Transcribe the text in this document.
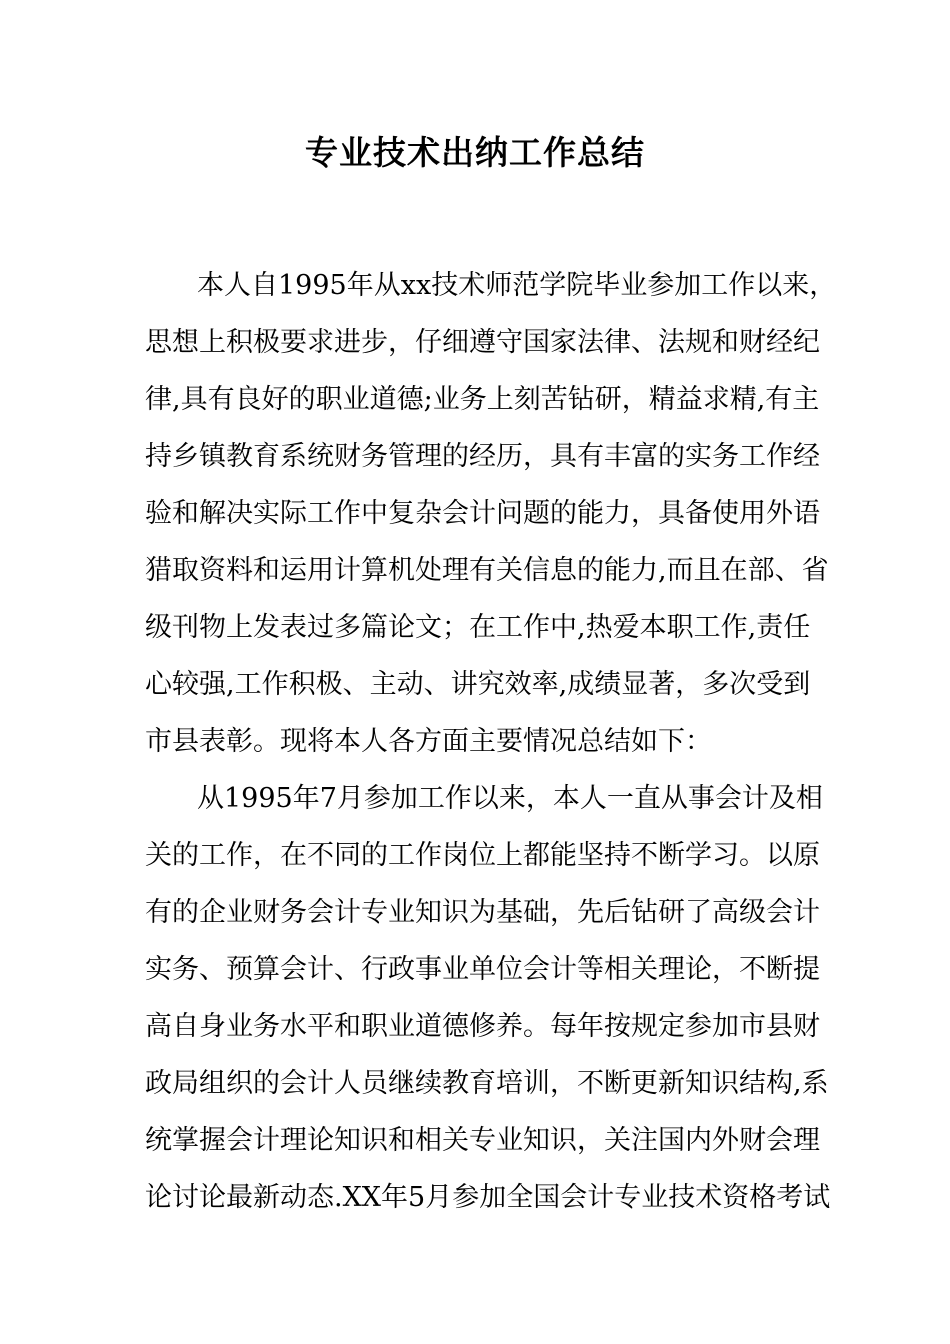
专业技术出纳工作总结
本 人 自 1995 年 从 xx 技 术 师 范 学 院 毕 业 参 加 工 作 以 来 ，
思 想 上 积 极 要 求 进 步 ， 仔 细 遵 守 国 家 法 律 、 法 规 和 财 经 纪
律 , 具 有 良 好 的 职 业 道 德 ; 业 务 上 刻 苦 钻 研 ， 精 益 求 精 , 有 主
持 乡 镇 教 育 系 统 财 务 管 理 的 经 历 ， 具 有 丰 富 的 实 务 工 作 经
验 和 解 决 实 际 工 作 中 复 杂 会 计 问 题 的 能 力 ， 具 备 使 用 外 语
猎 取 资 料 和 运 用 计 算 机 处 理 有 关 信 息 的 能 力 , 而 且 在 部 、 省
级 刊 物 上 发 表 过 多 篇 论 文 ； 在 工 作 中 , 热 爱 本 职 工 作 , 责 任
心 较 强 , 工 作 积 极 、 主 动 、 讲 究 效 率 , 成 绩 显 著 ， 多 次 受 到
市 县 表 彰 。 现 将 本 人 各 方 面 主 要 情 况 总 结 如 下 ：
从 1995 年 7 月 参 加 工 作 以 来 ， 本 人 一 直 从 事 会 计 及 相
关 的 工 作 ， 在 不 同 的 工 作 岗 位 上 都 能 坚 持 不 断 学 习 。 以 原
有 的 企 业 财 务 会 计 专 业 知 识 为 基 础 ， 先 后 钻 研 了 高 级 会 计
实 务 、 预 算 会 计 、 行 政 事 业 单 位 会 计 等 相 关 理 论 ， 不 断 提
高 自 身 业 务 水 平 和 职 业 道 德 修 养 。 每 年 按 规 定 参 加 市 县 财
政 局 组 织 的 会 计 人 员 继 续 教 育 培 训 ， 不 断 更 新 知 识 结 构 , 系
统 掌 握 会 计 理 论 知 识 和 相 关 专 业 知 识 ， 关 注 国 内 外 财 会 理
论 讨 论 最 新 动 态 .XX 年 5 月 参 加 全 国 会 计 专 业 技 术 资 格 考 试
